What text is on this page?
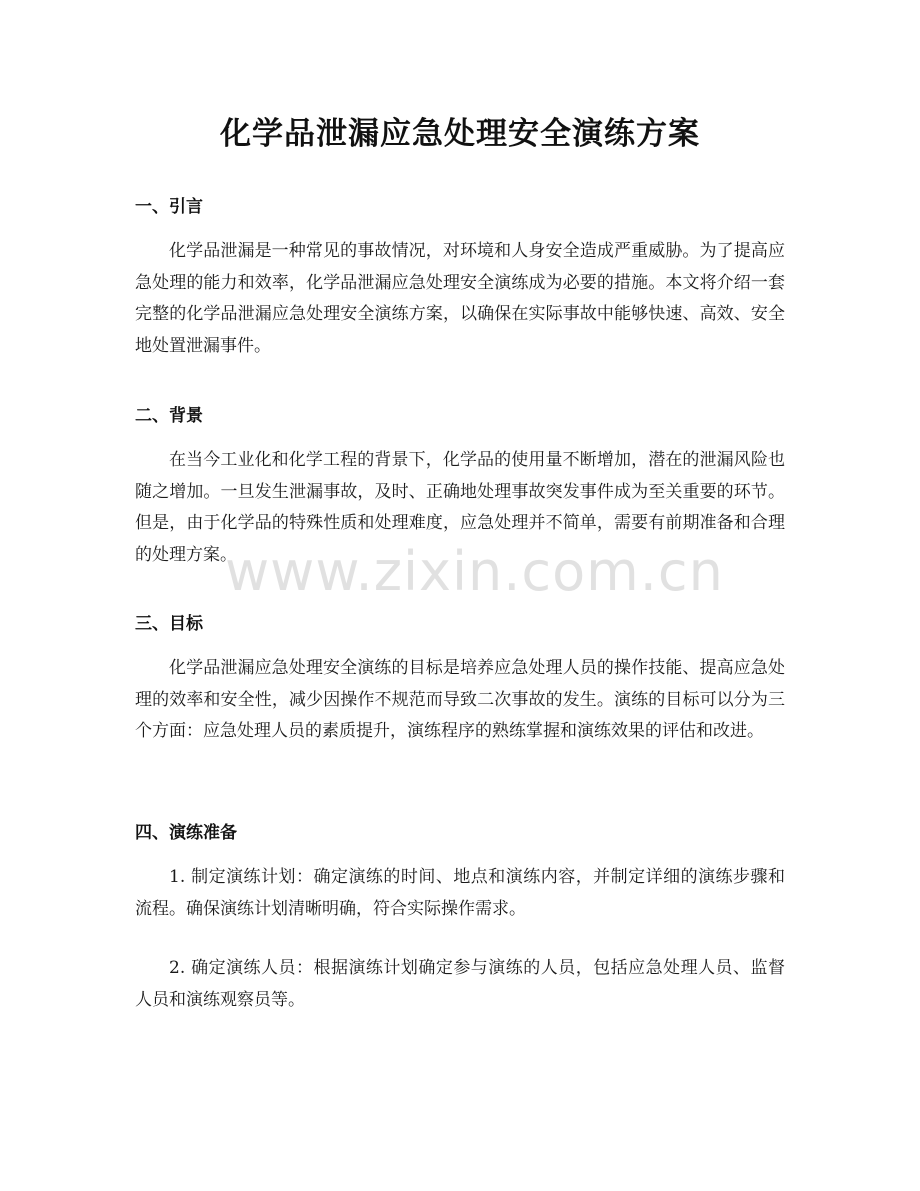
化学品泄漏应急处理安全演练方案
一、引言
化学品泄漏是一种常见的事故情况，对环境和人身安全造成严重威胁。为了提高应急处理的能力和效率，化学品泄漏应急处理安全演练成为必要的措施。本文将介绍一套完整的化学品泄漏应急处理安全演练方案，以确保在实际事故中能够快速、高效、安全地处置泄漏事件。
二、背景
在当今工业化和化学工程的背景下，化学品的使用量不断增加，潜在的泄漏风险也随之增加。一旦发生泄漏事故，及时、正确地处理事故突发事件成为至关重要的环节。但是，由于化学品的特殊性质和处理难度，应急处理并不简单，需要有前期准备和合理的处理方案。
三、目标
化学品泄漏应急处理安全演练的目标是培养应急处理人员的操作技能、提高应急处理的效率和安全性，减少因操作不规范而导致二次事故的发生。演练的目标可以分为三个方面：应急处理人员的素质提升，演练程序的熟练掌握和演练效果的评估和改进。
四、演练准备
1. 制定演练计划：确定演练的时间、地点和演练内容，并制定详细的演练步骤和流程。确保演练计划清晰明确，符合实际操作需求。
2. 确定演练人员：根据演练计划确定参与演练的人员，包括应急处理人员、监督人员和演练观察员等。
www.zixin.com.cn
